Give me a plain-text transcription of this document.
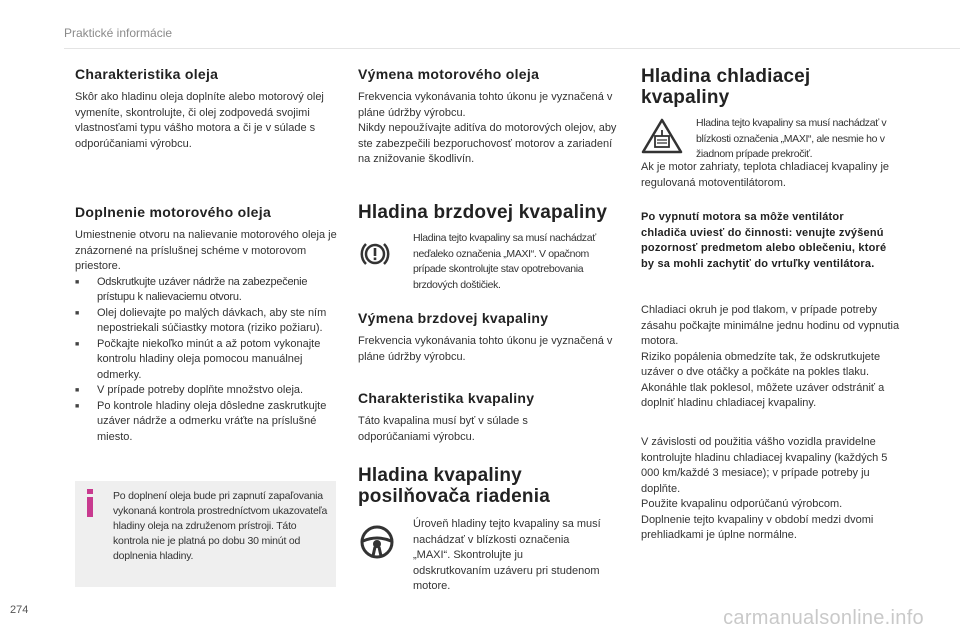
Praktické informácie
Charakteristika oleja

Skôr ako hladinu oleja doplníte alebo motorový olej vymeníte, skontrolujte, či olej zodpovedá svojimi vlastnosťami typu vášho motora a či je v súlade s odporúčaniami výrobcu.

Doplnenie motorového oleja

Umiestnenie otvoru na nalievanie motorového oleja je znázornené na príslušnej schéme v motorovom priestore.

■ Odskrutkujte uzáver nádrže na zabezpečenie prístupu k nalievaciemu otvoru.
■ Olej dolievajte po malých dávkach, aby ste ním nepostriekali súčiastky motora (riziko požiaru).
■ Počkajte niekoľko minút a až potom vykonajte kontrolu hladiny oleja pomocou manuálnej odmerky.
■ V prípade potreby doplňte množstvo oleja.
■ Po kontrole hladiny oleja dôsledne zaskrutkujte uzáver nádrže a odmerku vráťte na príslušné miesto.

Po doplnení oleja bude pri zapnutí zapaľovania vykonaná kontrola prostredníctvom ukazovateľa hladiny oleja na združenom prístroji. Táto kontrola nie je platná po dobu 30 minút od doplnenia hladiny.

Výmena motorového oleja

Frekvencia vykonávania tohto úkonu je vyznačená v pláne údržby výrobcu.
Nikdy nepoužívajte aditíva do motorových olejov, aby ste zabezpečili bezporuchovosť motorov a zariadení na znižovanie škodlivín.

Hladina brzdovej kvapaliny

Hladina tejto kvapaliny sa musí nachádzať neďaleko označenia „MAXI“. V opačnom prípade skontrolujte stav opotrebovania brzdových doštičiek.

Výmena brzdovej kvapaliny

Frekvencia vykonávania tohto úkonu je vyznačená v pláne údržby výrobcu.

Charakteristika kvapaliny

Táto kvapalina musí byť v súlade s odporúčaniami výrobcu.

Hladina kvapaliny posilňovača riadenia

Úroveň hladiny tejto kvapaliny sa musí nachádzať v blízkosti označenia „MAXI“. Skontrolujte ju odskrutkovaním uzáveru pri studenom motore.

Hladina chladiacej kvapaliny

Hladina tejto kvapaliny sa musí nachádzať v blízkosti označenia „MAXI“, ale nesmie ho v žiadnom prípade prekročiť.

Ak je motor zahriaty, teplota chladiacej kvapaliny je regulovaná motoventilátorom.

Po vypnutí motora sa môže ventilátor chladiča uviesť do činnosti: venujte zvýšenú pozornosť predmetom alebo oblečeniu, ktoré by sa mohli zachytiť do vrtuľky ventilátora.

Chladiaci okruh je pod tlakom, v prípade potreby zásahu počkajte minimálne jednu hodinu od vypnutia motora.
Riziko popálenia obmedzíte tak, že odskrutkujete uzáver o dve otáčky a počkáte na pokles tlaku. Akonáhle tlak poklesol, môžete uzáver odstrániť a doplniť hladinu chladiacej kvapaliny.

V závislosti od použitia vášho vozidla pravidelne kontrolujte hladinu chladiacej kvapaliny (každých 5 000 km/každé 3 mesiace); v prípade potreby ju doplňte.
Použite kvapalinu odporúčanú výrobcom.
Doplnenie tejto kvapaliny v období medzi dvomi prehliadkami je úplne normálne.

274	carmanualsonline.info
